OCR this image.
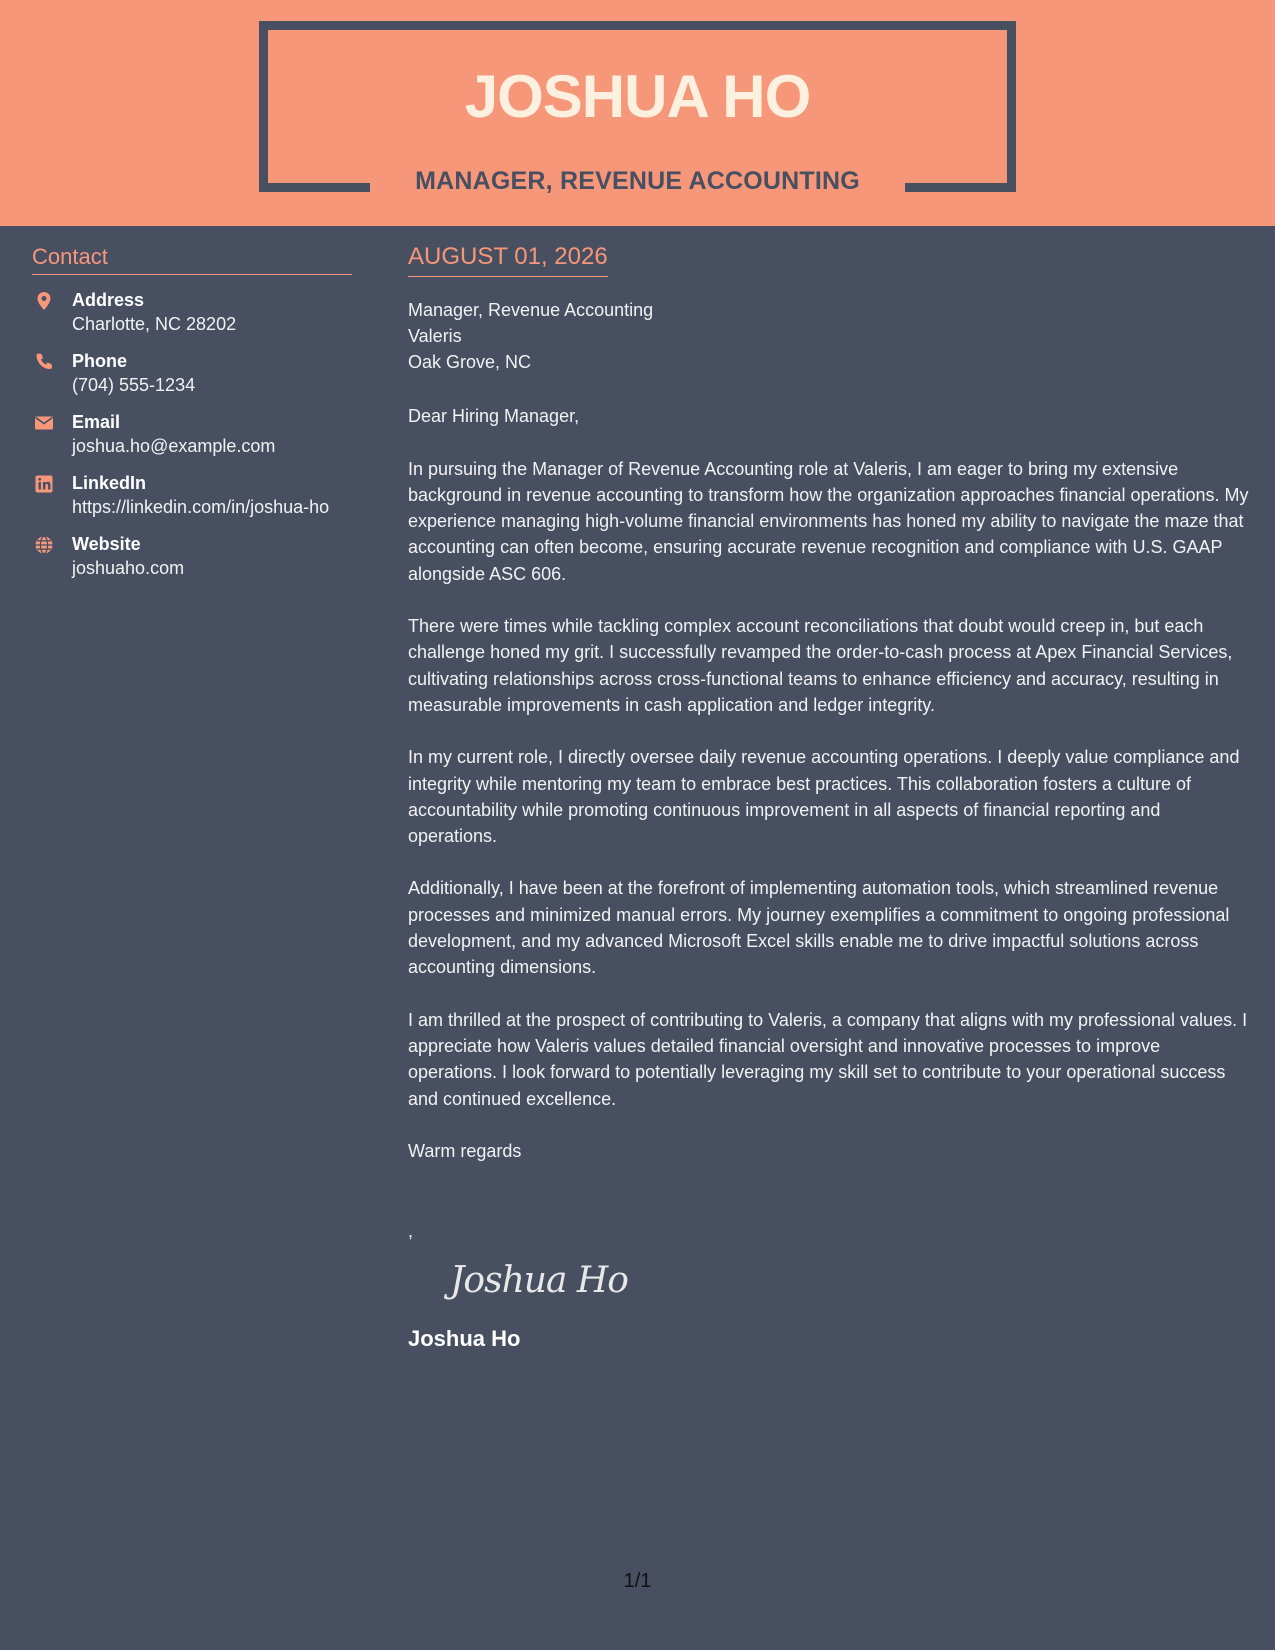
JOSHUA HO
MANAGER, REVENUE ACCOUNTING
Contact
Address
Charlotte, NC 28202
Phone
(704) 555-1234
Email
joshua.ho@example.com
LinkedIn
https://linkedin.com/in/joshua-ho
Website
joshuaho.com
AUGUST 01, 2026
Manager, Revenue Accounting
Valeris
Oak Grove, NC

Dear Hiring Manager,

In pursuing the Manager of Revenue Accounting role at Valeris, I am eager to bring my extensive background in revenue accounting to transform how the organization approaches financial operations. My experience managing high-volume financial environments has honed my ability to navigate the maze that accounting can often become, ensuring accurate revenue recognition and compliance with U.S. GAAP alongside ASC 606.

There were times while tackling complex account reconciliations that doubt would creep in, but each challenge honed my grit. I successfully revamped the order-to-cash process at Apex Financial Services, cultivating relationships across cross-functional teams to enhance efficiency and accuracy, resulting in measurable improvements in cash application and ledger integrity.

In my current role, I directly oversee daily revenue accounting operations. I deeply value compliance and integrity while mentoring my team to embrace best practices. This collaboration fosters a culture of accountability while promoting continuous improvement in all aspects of financial reporting and operations.

Additionally, I have been at the forefront of implementing automation tools, which streamlined revenue processes and minimized manual errors. My journey exemplifies a commitment to ongoing professional development, and my advanced Microsoft Excel skills enable me to drive impactful solutions across accounting dimensions.

I am thrilled at the prospect of contributing to Valeris, a company that aligns with my professional values. I appreciate how Valeris values detailed financial oversight and innovative processes to improve operations. I look forward to potentially leveraging my skill set to contribute to your operational success and continued excellence.

Warm regards

,
Joshua Ho
Joshua Ho
1/1
